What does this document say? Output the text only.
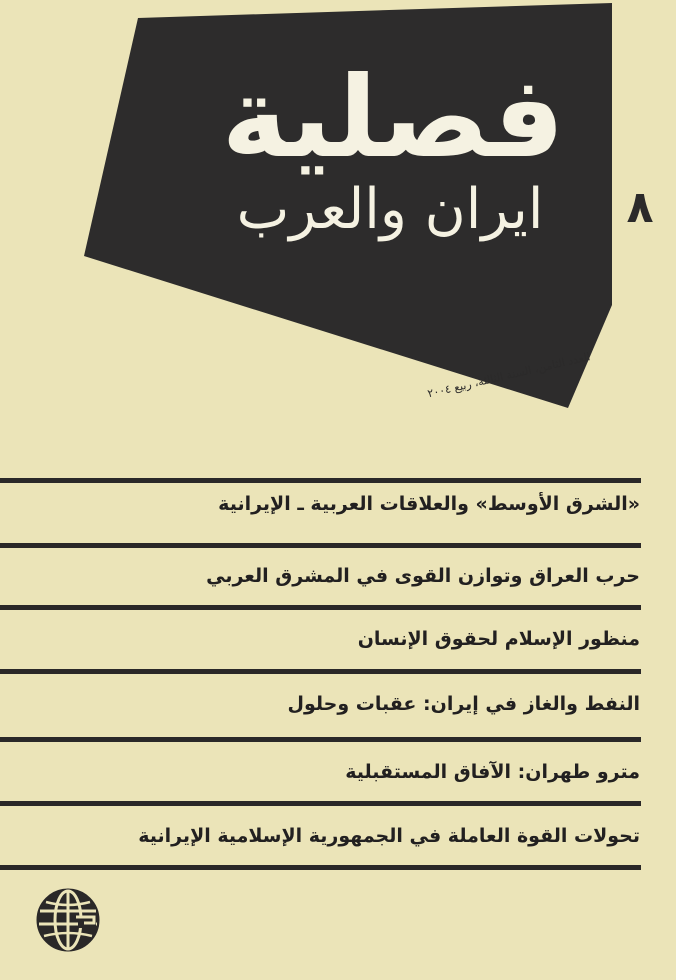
فصلية
ايران والعرب	٨
العدد الثامن، السنة الثالثة، ربيع ٢٠٠٤
«الشرق الأوسط» والعلاقات العربية ـ الإيرانية
حرب العراق وتوازن القوى في المشرق العربي
منظور الإسلام لحقوق الإنسان
النفط والغاز في إيران: عقبات وحلول
مترو طهران: الآفاق المستقبلية
تحولات القوة العاملة في الجمهورية الإسلامية الإيرانية
